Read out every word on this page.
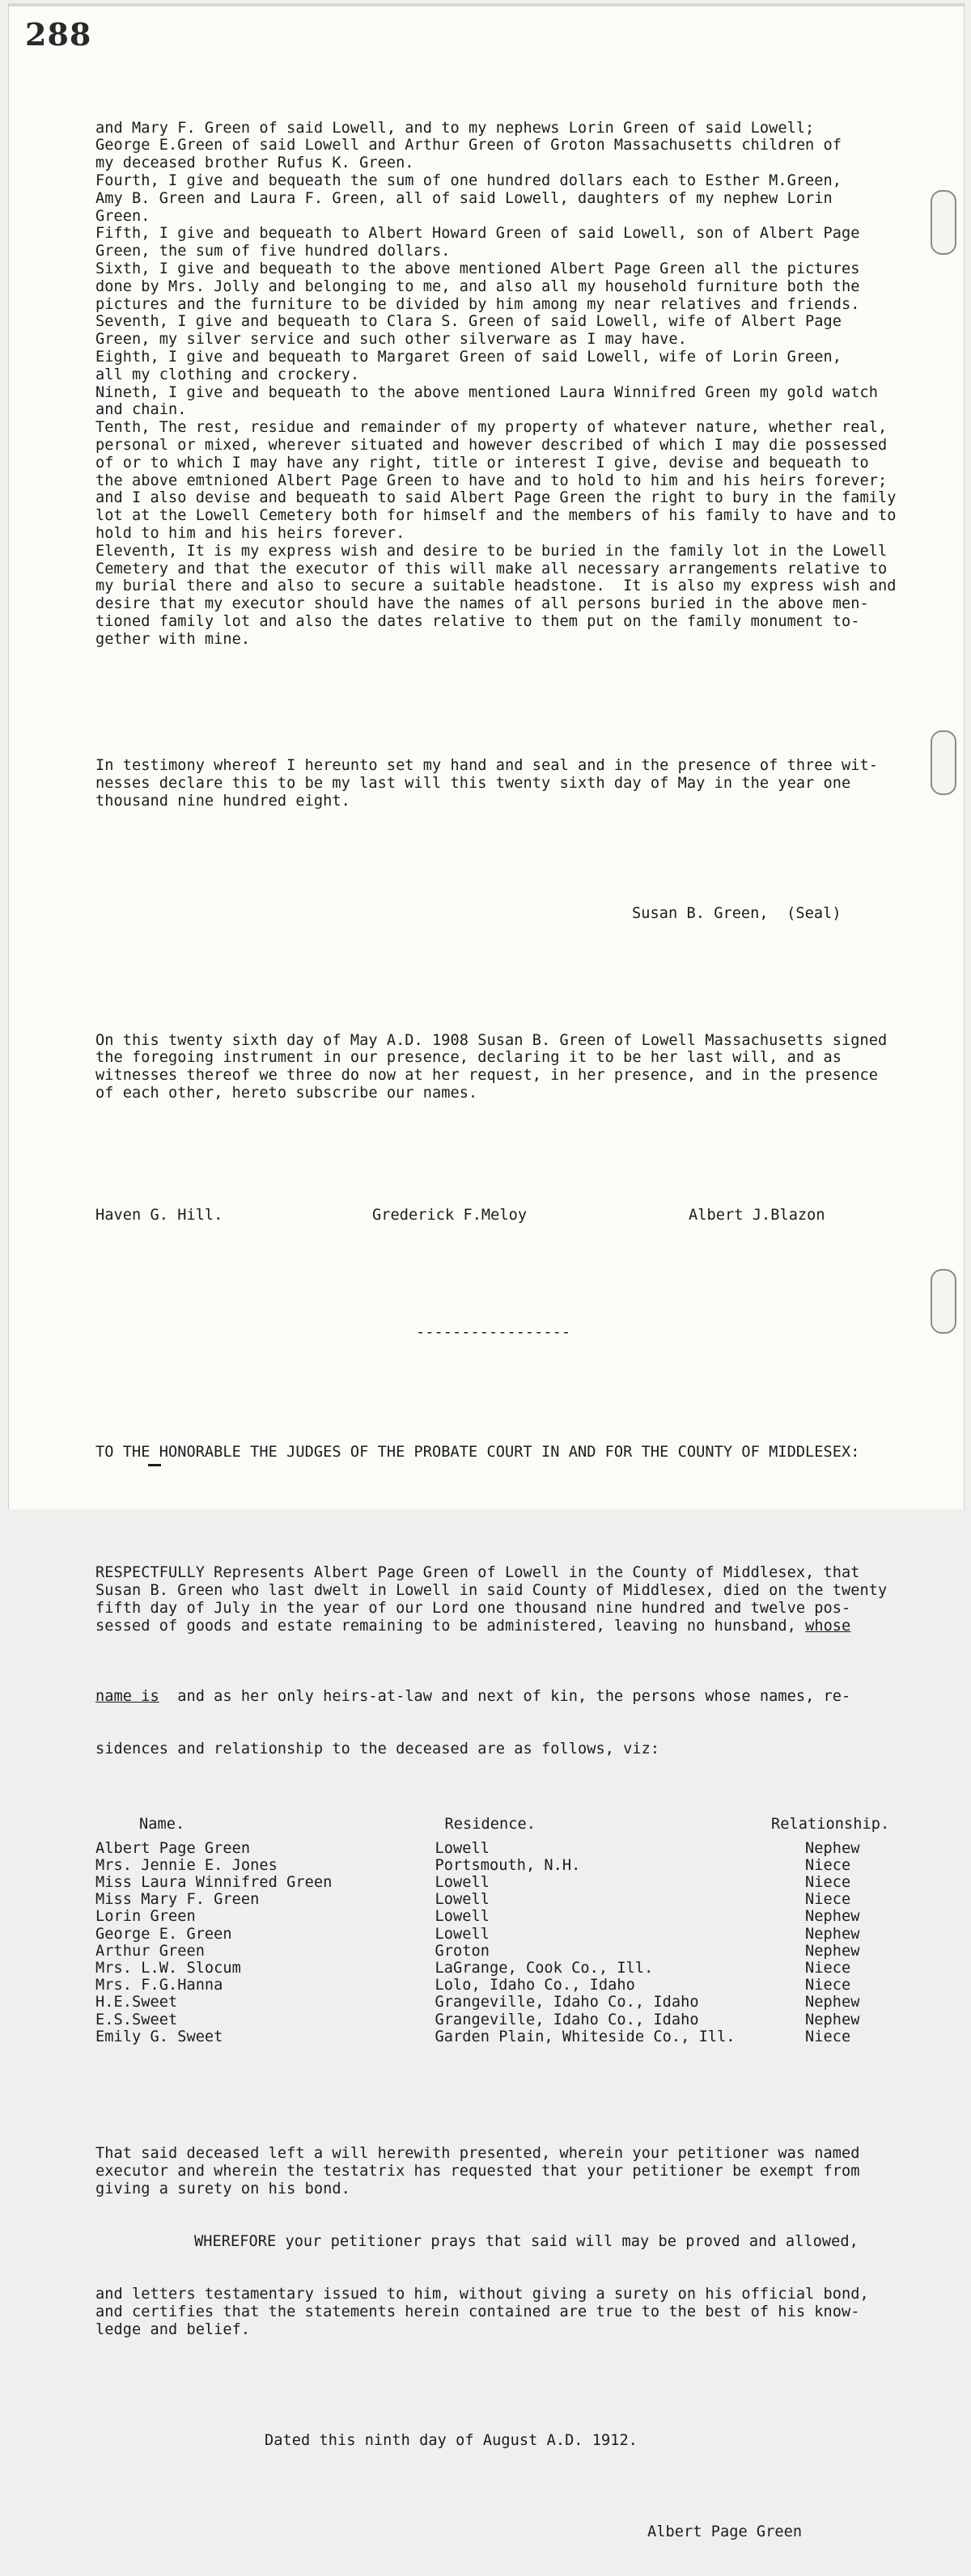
288

and Mary F. Green of said Lowell, and to my nephews Lorin Green of said Lowell;

George E.Green of said Lowell and Arthur Green of Groton Massachusetts children of

my deceased brother Rufus K. Green.

Fourth, I give and bequeath the sum of one hundred dollars each to Esther M.Green,

Amy B. Green and Laura F. Green, all of said Lowell, daughters of my nephew Lorin

Green.

Fifth, I give and bequeath to Albert Howard Green of said Lowell, son of Albert Page

Green, the sum of five hundred dollars.

Sixth, I give and bequeath to the above mentioned Albert Page Green all the pictures

done by Mrs. Jolly and belonging to me, and also all my household furniture both the

pictures and the furniture to be divided by him among my near relatives and friends.

Seventh, I give and bequeath to Clara S. Green of said Lowell, wife of Albert Page

Green, my silver service and such other silverware as I may have.

Eighth, I give and bequeath to Margaret Green of said Lowell, wife of Lorin Green,

all my clothing and crockery.

Nineth, I give and bequeath to the above mentioned Laura Winnifred Green my gold watch

and chain.

Tenth, The rest, residue and remainder of my property of whatever nature, whether real,

personal or mixed, wherever situated and however described of which I may die possessed

of or to which I may have any right, title or interest I give, devise and bequeath to

the above emtnioned Albert Page Green to have and to hold to him and his heirs forever;

and I also devise and bequeath to said Albert Page Green the right to bury in the family

lot at the Lowell Cemetery both for himself and the members of his family to have and to

hold to him and his heirs forever.

Eleventh, It is my express wish and desire to be buried in the family lot in the Lowell

Cemetery and that the executor of this will make all necessary arrangements relative to

my burial there and also to secure a suitable headstone.  It is also my express wish and

desire that my executor should have the names of all persons buried in the above men-

tioned family lot and also the dates relative to them put on the family monument to-

gether with mine.

In testimony whereof I hereunto set my hand and seal and in the presence of three wit-

nesses declare this to be my last will this twenty sixth day of May in the year one

thousand nine hundred eight.

Susan B. Green,  (Seal)

On this twenty sixth day of May A.D. 1908 Susan B. Green of Lowell Massachusetts signed

the foregoing instrument in our presence, declaring it to be her last will, and as

witnesses thereof we three do now at her request, in her presence, and in the presence

of each other, hereto subscribe our names.

Haven G. Hill.	Grederick F.Meloy	Albert J.Blazon

-----------------

TO THE HONORABLE THE JUDGES OF THE PROBATE COURT IN AND FOR THE COUNTY OF MIDDLESEX:

RESPECTFULLY Represents Albert Page Green of Lowell in the County of Middlesex, that

Susan B. Green who last dwelt in Lowell in said County of Middlesex, died on the twenty

fifth day of July in the year of our Lord one thousand nine hundred and twelve pos-

sessed of goods and estate remaining to be administered, leaving no hunsband, whose

name is  and as her only heirs-at-law and next of kin, the persons whose names, re-

sidences and relationship to the deceased are as follows, viz:

Name.	Residence.	Relationship.
Albert Page Green	Lowell	Nephew
Mrs. Jennie E. Jones	Portsmouth, N.H.	Niece
Miss Laura Winnifred Green	Lowell	Niece
Miss Mary F. Green	Lowell	Niece
Lorin Green	Lowell	Nephew
George E. Green	Lowell	Nephew
Arthur Green	Groton	Nephew
Mrs. L.W. Slocum	LaGrange, Cook Co., Ill.	Niece
Mrs. F.G.Hanna	Lolo, Idaho Co., Idaho	Niece
H.E.Sweet	Grangeville, Idaho Co., Idaho	Nephew
E.S.Sweet	Grangeville, Idaho Co., Idaho	Nephew
Emily G. Sweet	Garden Plain, Whiteside Co., Ill.	Niece

That said deceased left a will herewith presented, wherein your petitioner was named

executor and wherein the testatrix has requested that your petitioner be exempt from

giving a surety on his bond.

WHEREFORE your petitioner prays that said will may be proved and allowed,

and letters testamentary issued to him, without giving a surety on his official bond,

and certifies that the statements herein contained are true to the best of his know-

ledge and belief.

Dated this ninth day of August A.D. 1912.

Albert Page Green
